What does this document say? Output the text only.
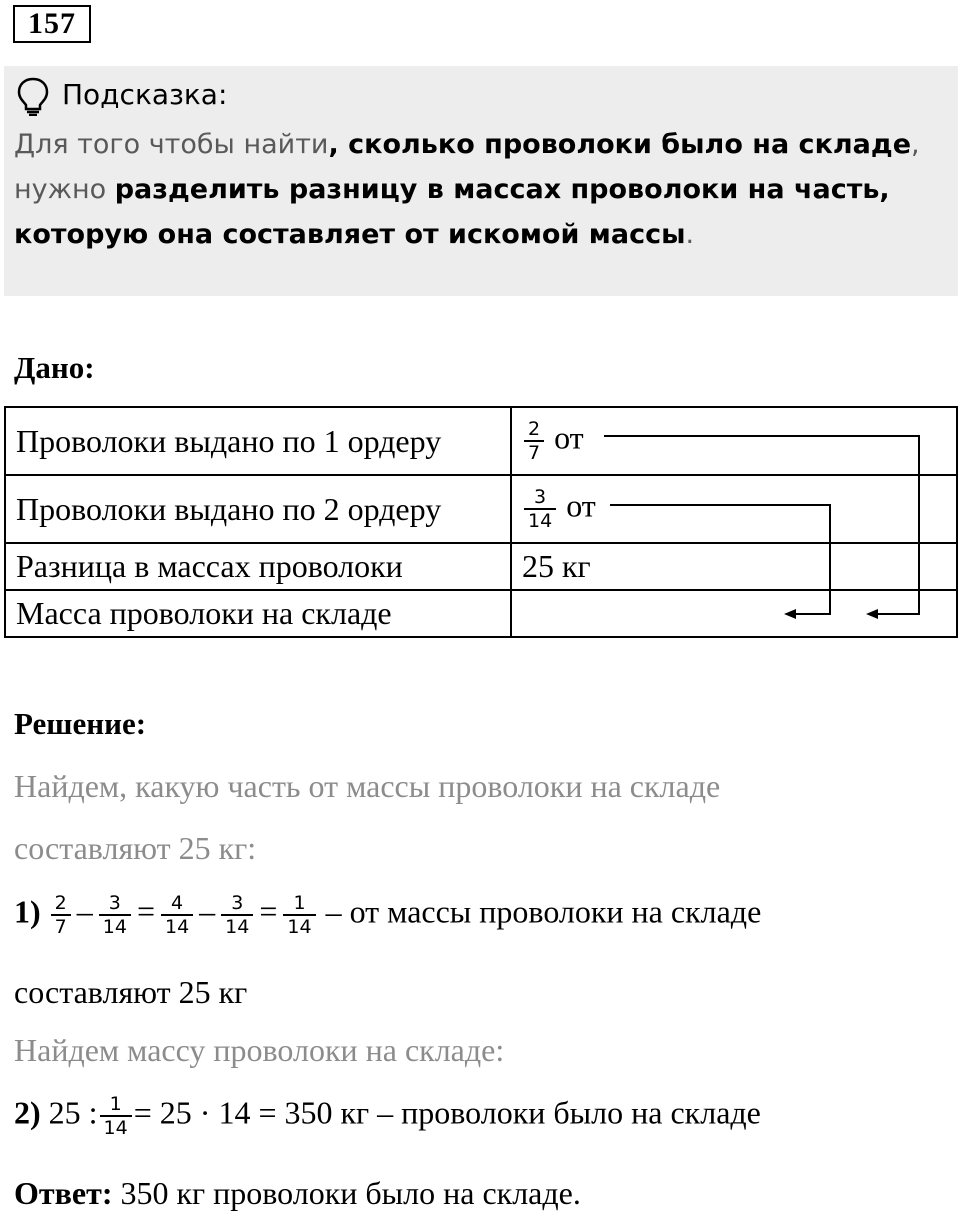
157
Подсказка:
Для того чтобы найти, сколько проволоки было на складе,
нужно разделить разницу в массах проволоки на часть,
которую она составляет от искомой массы.
Дано:
Проволоки выдано по 1 ордеру	$\frac{2}{7}$ от
Проволоки выдано по 2 ордеру	$\frac{3}{14}$ от
Разница в массах проволоки	25 кг
Масса проволоки на складе	
Решение:
Найдем, какую часть от массы проволоки на складе
составляют 25 кг:
$1) \frac{2}{7} - \frac{3}{14} = \frac{4}{14} - \frac{3}{14} = \frac{1}{14}$ – от массы проволоки на складе
составляют 25 кг
Найдем массу проволоки на складе:
2) 25 : $\frac{1}{14} = 25 \cdot 14 = 350$ кг – проволоки было на складе
Ответ: 350 кг проволоки было на складе.
